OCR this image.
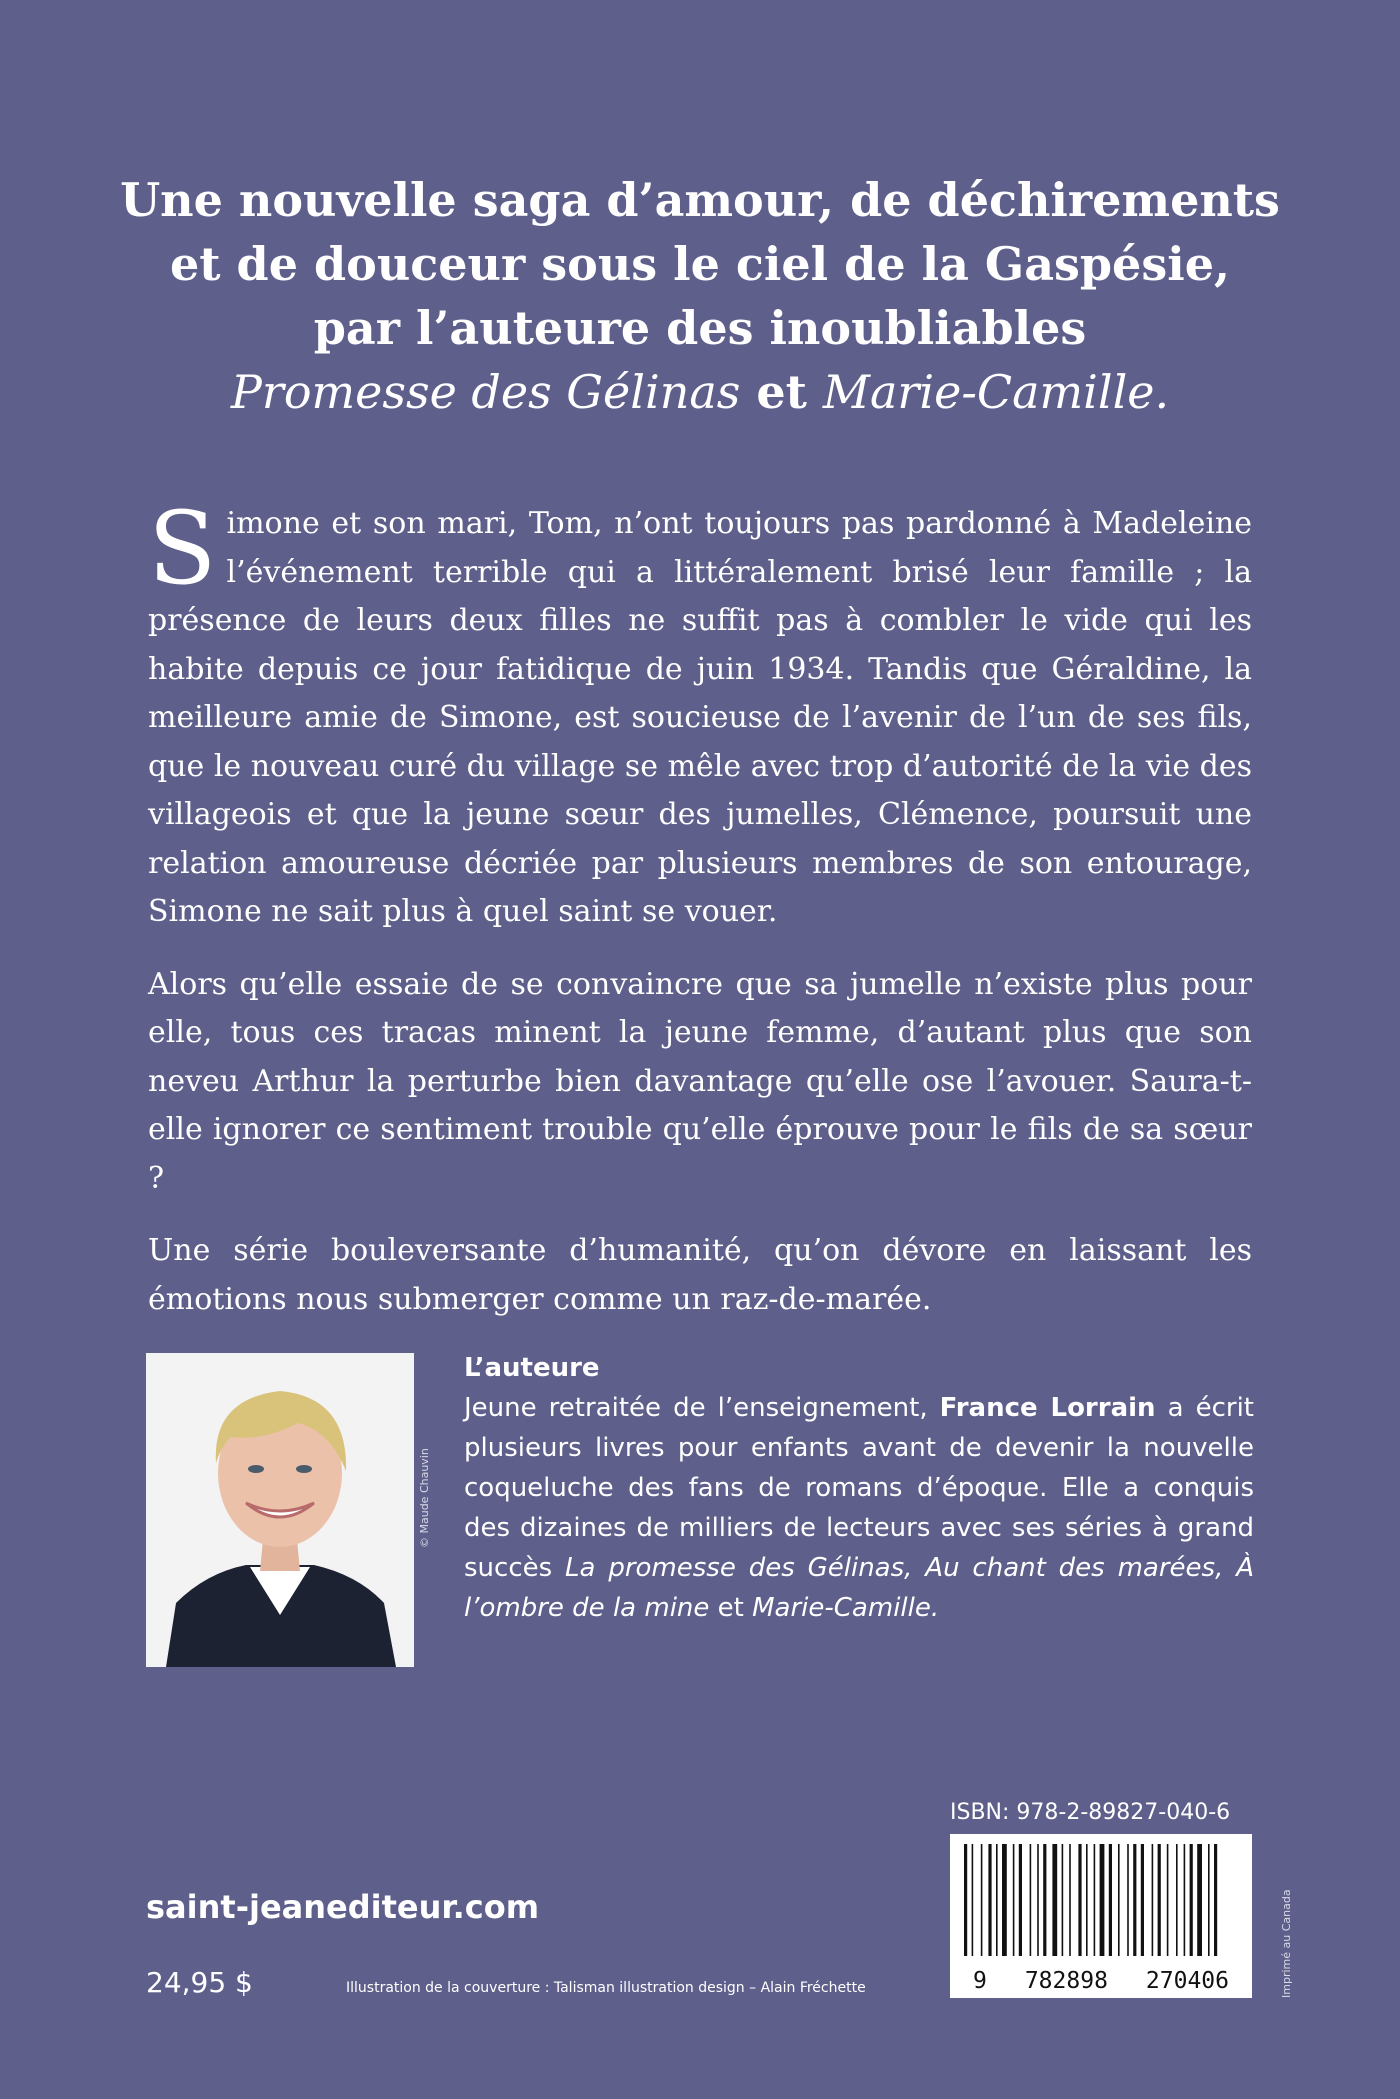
Une nouvelle saga d’amour, de déchirements
et de douceur sous le ciel de la Gaspésie,
par l’auteure des inoubliables
Promesse des Gélinas et Marie-Camille.

Simone et son mari, Tom, n’ont toujours pas pardonné à Madeleine l’événement terrible qui a littéralement brisé leur famille ; la présence de leurs deux filles ne suffit pas à combler le vide qui les habite depuis ce jour fatidique de juin 1934. Tandis que Géraldine, la meilleure amie de Simone, est soucieuse de l’avenir de l’un de ses fils, que le nouveau curé du village se mêle avec trop d’autorité de la vie des villageois et que la jeune sœur des jumelles, Clémence, poursuit une relation amoureuse décriée par plusieurs membres de son entourage, Simone ne sait plus à quel saint se vouer.

Alors qu’elle essaie de se convaincre que sa jumelle n’existe plus pour elle, tous ces tracas minent la jeune femme, d’autant plus que son neveu Arthur la perturbe bien davantage qu’elle ose l’avouer. Saura-t-elle ignorer ce sentiment trouble qu’elle éprouve pour le fils de sa sœur ?

Une série bouleversante d’humanité, qu’on dévore en laissant les émotions nous submerger comme un raz-de-marée.

© Maude Chauvin
L’auteure

Jeune retraitée de l’enseignement, France Lorrain a écrit plusieurs livres pour enfants avant de devenir la nouvelle coqueluche des fans de romans d’époque. Elle a conquis des dizaines de milliers de lecteurs avec ses séries à grand succès La promesse des Gélinas, Au chant des marées, À l’ombre de la mine et Marie-Camille.

ISBN: 978-2-89827-040-6
9 782898 270406	Imprimé au Canada
saint-jeanediteur.com
24,95 $	Illustration de la couverture : Talisman illustration design – Alain Fréchette
